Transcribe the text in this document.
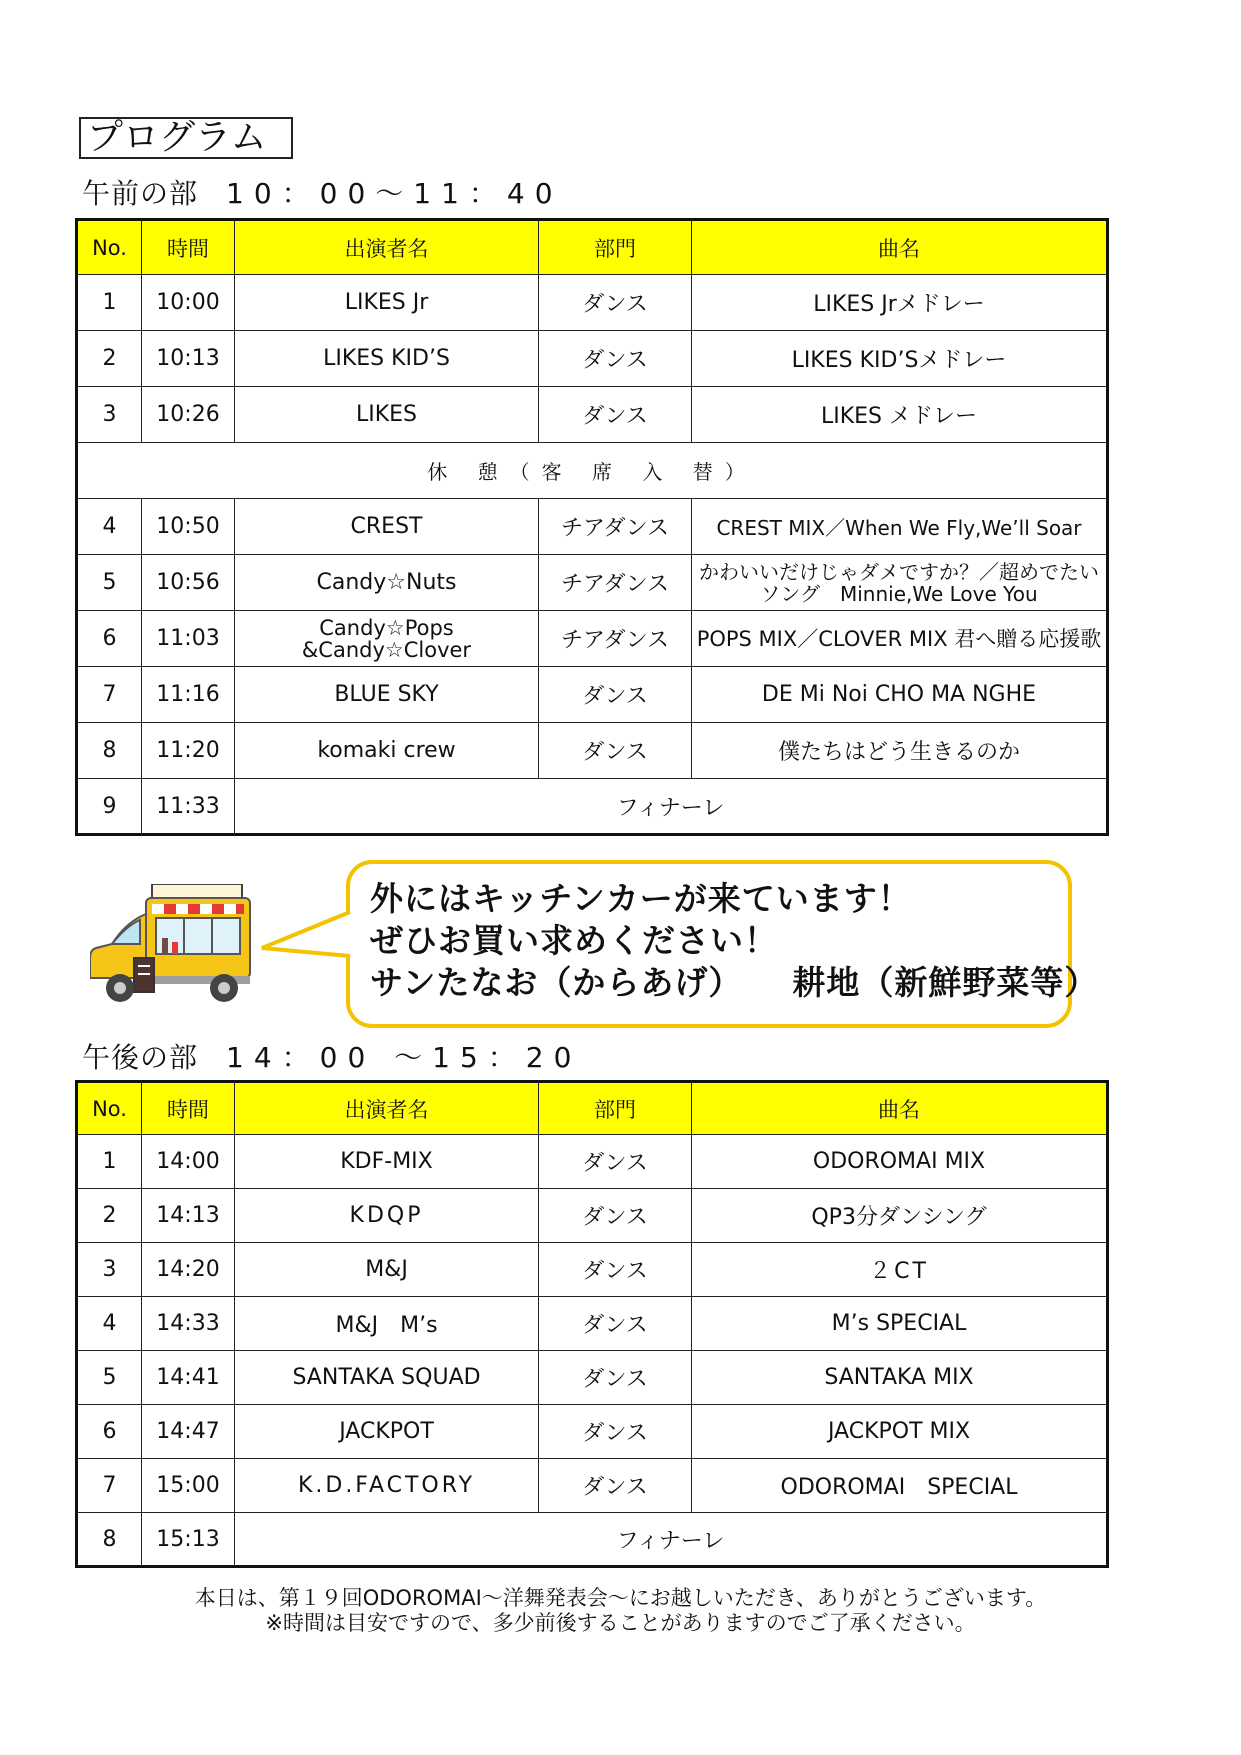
プログラム
午前の部 10：00～11：40
No.	時間	出演者名	部門	曲名
1	10:00	LIKES Jr	ダンス	LIKES Jrメドレー
2	10:13	LIKES KID’S	ダンス	LIKES KID’Sメドレー
3	10:26	LIKES	ダンス	LIKES メドレー
休 憩（客 席 入 替）				
4	10:50	CREST	チアダンス	CREST MIX／When We Fly,We’ll Soar
5	10:56	Candy☆Nuts	チアダンス	かわいいだけじゃダメですか？／超めでたいソング　Minnie,We Love You
6	11:03	Candy☆Pops &Candy☆Clover	チアダンス	POPS MIX／CLOVER MIX 君へ贈る応援歌
7	11:16	BLUE SKY	ダンス	DE Mi Noi CHO MA NGHE
8	11:20	komaki crew	ダンス	僕たちはどう生きるのか
9	11:33	フィナーレ		
外にはキッチンカーが来ています！
ぜひお買い求めください！
サンたなお（からあげ） 耕地（新鮮野菜等）
午後の部 14：00 ～15：20
No.	時間	出演者名	部門	曲名
1	14:00	KDF-MIX	ダンス	ODOROMAI MIX
2	14:13	KDQP	ダンス	QP3分ダンシング
3	14:20	M&J	ダンス	２CT
4	14:33	M&J　M’s	ダンス	M’s SPECIAL
5	14:41	SANTAKA SQUAD	ダンス	SANTAKA MIX
6	14:47	JACKPOT	ダンス	JACKPOT MIX
7	15:00	K.D.FACTORY	ダンス	ODOROMAI　SPECIAL
8	15:13	フィナーレ		
本日は、第１９回ODOROMAI～洋舞発表会～にお越しいただき、ありがとうございます。
※時間は目安ですので、多少前後することがありますのでご了承ください。
